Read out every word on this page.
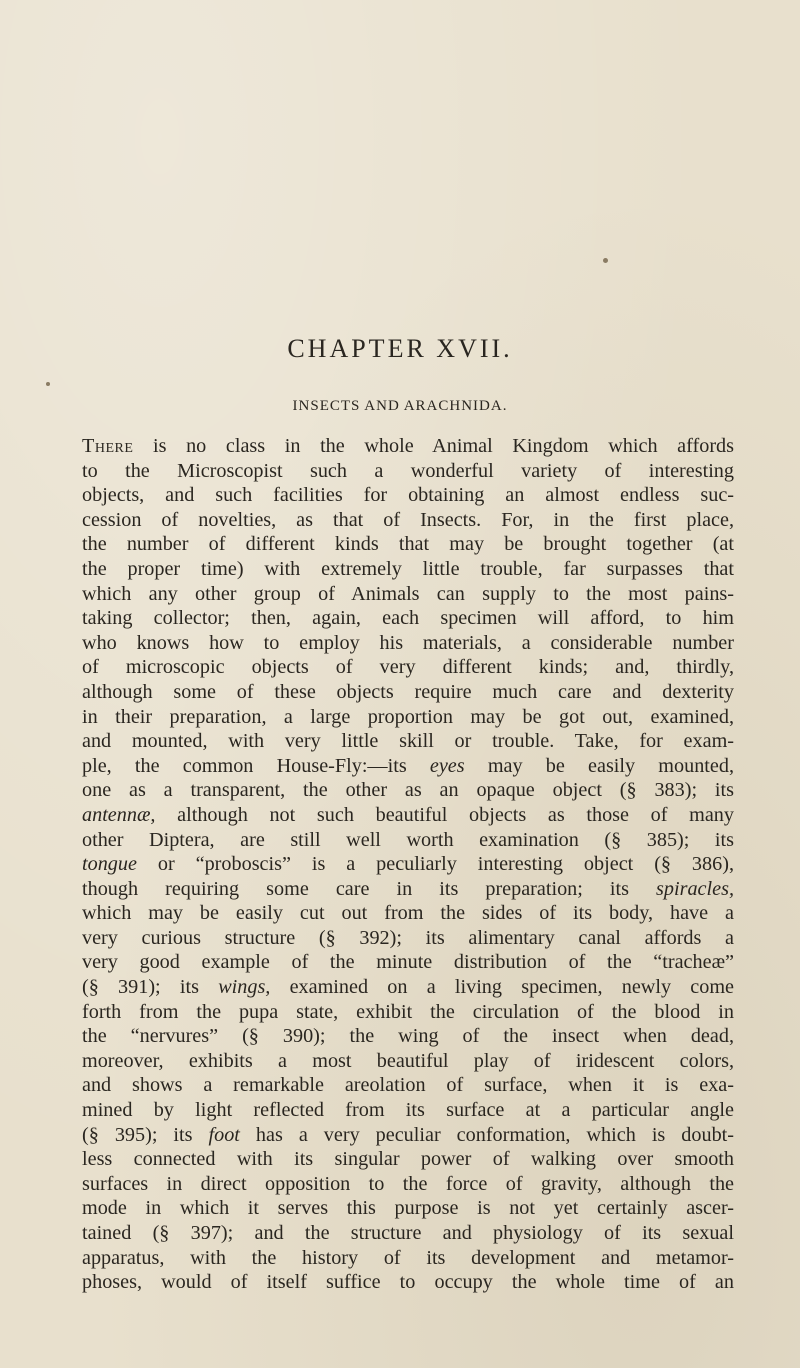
CHAPTER XVII.
INSECTS AND ARACHNIDA.
There is no class in the whole Animal Kingdom which affords
to the Microscopist such a wonderful variety of interesting
objects, and such facilities for obtaining an almost endless suc-
cession of novelties, as that of Insects. For, in the first place,
the number of different kinds that may be brought together (at
the proper time) with extremely little trouble, far surpasses that
which any other group of Animals can supply to the most pains-
taking collector; then, again, each specimen will afford, to him
who knows how to employ his materials, a considerable number
of microscopic objects of very different kinds; and, thirdly,
although some of these objects require much care and dexterity
in their preparation, a large proportion may be got out, examined,
and mounted, with very little skill or trouble. Take, for exam-
ple, the common House-Fly:—its eyes may be easily mounted,
one as a transparent, the other as an opaque object (§ 383); its
antennæ, although not such beautiful objects as those of many
other Diptera, are still well worth examination (§ 385); its
tongue or “proboscis” is a peculiarly interesting object (§ 386),
though requiring some care in its preparation; its spiracles,
which may be easily cut out from the sides of its body, have a
very curious structure (§ 392); its alimentary canal affords a
very good example of the minute distribution of the “tracheæ”
(§ 391); its wings, examined on a living specimen, newly come
forth from the pupa state, exhibit the circulation of the blood in
the “nervures” (§ 390); the wing of the insect when dead,
moreover, exhibits a most beautiful play of iridescent colors,
and shows a remarkable areolation of surface, when it is exa-
mined by light reflected from its surface at a particular angle
(§ 395); its foot has a very peculiar conformation, which is doubt-
less connected with its singular power of walking over smooth
surfaces in direct opposition to the force of gravity, although the
mode in which it serves this purpose is not yet certainly ascer-
tained (§ 397); and the structure and physiology of its sexual
apparatus, with the history of its development and metamor-
phoses, would of itself suffice to occupy the whole time of an
